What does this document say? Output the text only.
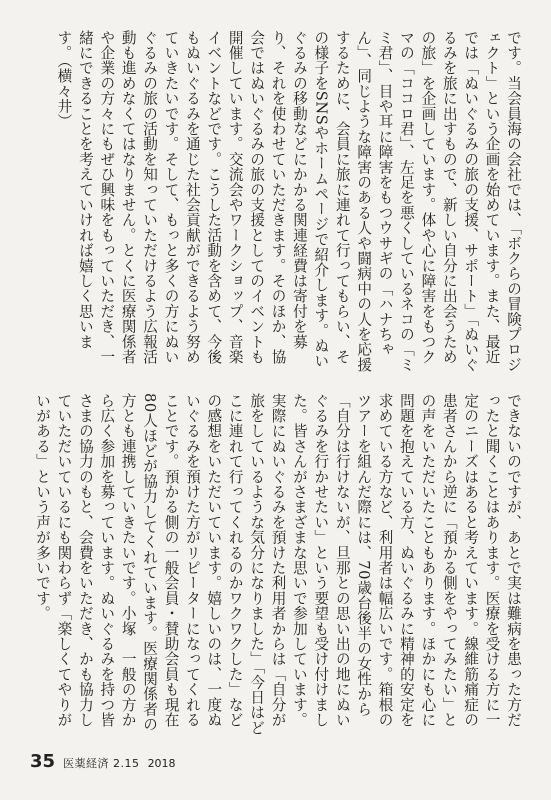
です。当会員海の会社では、「ボクらの冒険プロジェクト」という企画を始めています。また、最近では「ぬいぐるみの旅の支援、サポート」「ぬいぐるみを旅に出すもので、新しい自分に出会うための旅」を企画しています。体や心に障害をもつクマの「ココロ君」、左足を悪くしているネコの「ミミ君」、目や耳に障害をもつウサギの「ハナちゃん」、同じような障害のある人や闘病中の人を応援するために、会員に旅に連れて行ってもらい、その様子をSNSやホームページで紹介します。ぬいぐるみの移動などにかかる関連経費は寄付を募り、それを使わせていただきます。そのほか、協会ではぬいぐるみの旅の支援としてのイベントも開催しています。交流会やワークショップ、音楽イベントなどです。こうした活動を含めて、今後もぬいぐるみを通じた社会貢献ができるよう努めていきたいです。そして、もっと多くの方にぬいぐるみの旅の活動を知っていただけるよう広報活動も進めなくてはなりません。とくに医療関係者や企業の方々にもぜひ興味をもっていただき、一緒にできることを考えていければ嬉しく思います。（横々井）
できないのですが、あとで実は難病を患った方だったと聞くことはあります。医療を受ける方に一定のニーズはあると考えています。線維筋痛症の患者さんから逆に「預かる側をやってみたい」との声をいただいたこともあります。ほかにも心に問題を抱えている方、ぬいぐるみに精神的安定を求めている方など、利用者は幅広いです。箱根のツアーを組んだ際には、70歳台後半の女性から「自分は行けないが、旦那との思い出の地にぬいぐるみを行かせたい」という要望も受け付けました。皆さんがさまざまな思いで参加しています。実際にぬいぐるみを預けた利用者からは「自分が旅をしているような気分になりました」「今日はどこに連れて行ってくれるのかワクワクした」などの感想をいただいています。嬉しいのは、一度ぬいぐるみを預けた方がリピーターになってくれることです。預かる側の一般会員・賛助会員も現在80人ほどが協力してくれています。医療関係者の方とも連携していきたいです。小塚　一般の方から広く参加を募っています。ぬいぐるみを持つ皆さまの協力のもと、会費をいただき、かも協力していただいているにも関わらず「楽しくてやりがいがある」という声が多いです。
35 医薬経済 2.15 2018
